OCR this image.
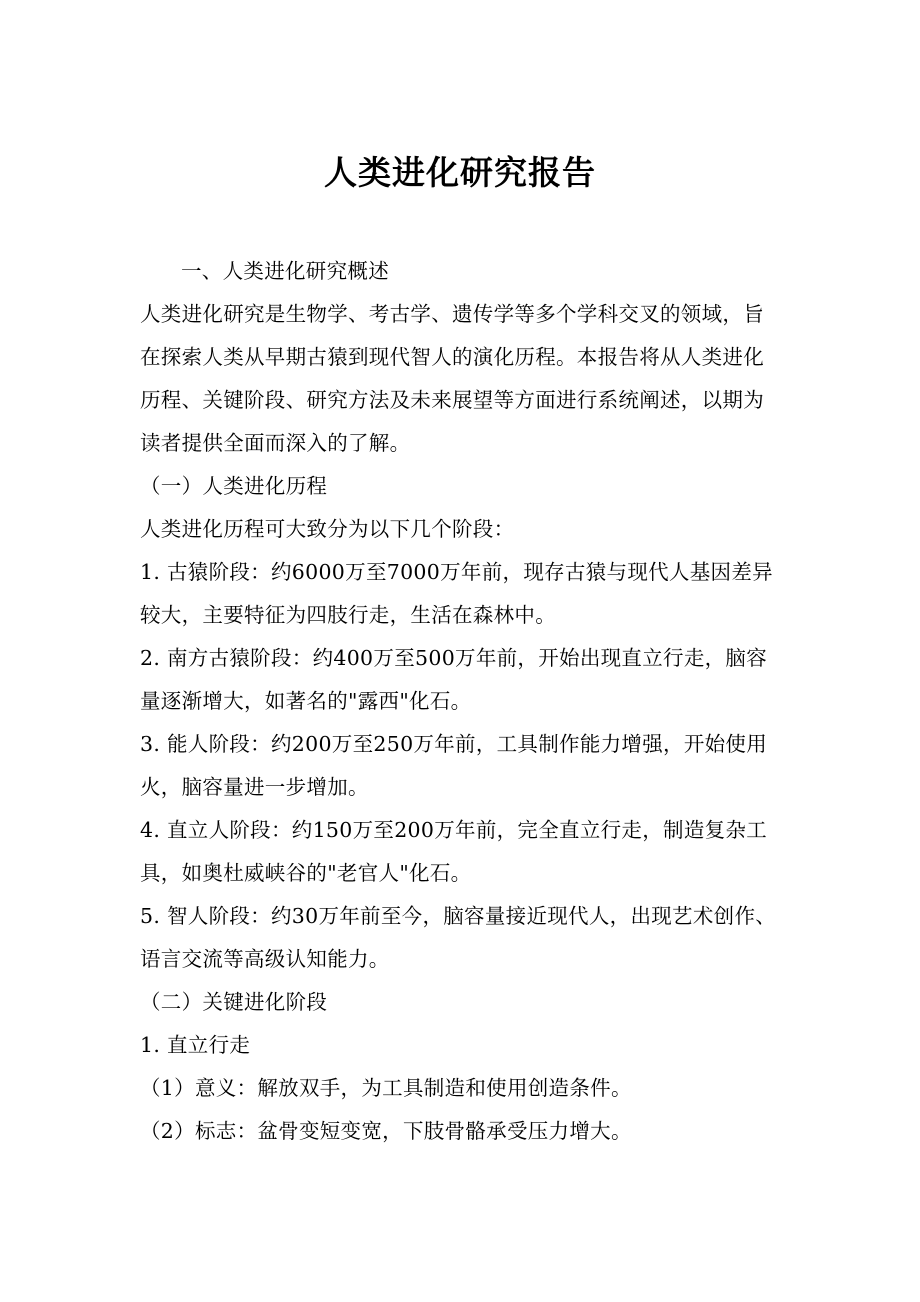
人类进化研究报告

一、人类进化研究概述

人类进化研究是生物学、考古学、遗传学等多个学科交叉的领域，旨在探索人类从早期古猿到现代智人的演化历程。本报告将从人类进化历程、关键阶段、研究方法及未来展望等方面进行系统阐述，以期为读者提供全面而深入的了解。

（一）人类进化历程

人类进化历程可大致分为以下几个阶段：

1. 古猿阶段：约6000万至7000万年前，现存古猿与现代人基因差异较大，主要特征为四肢行走，生活在森林中。

2. 南方古猿阶段：约400万至500万年前，开始出现直立行走，脑容量逐渐增大，如著名的"露西"化石。

3. 能人阶段：约200万至250万年前，工具制作能力增强，开始使用火，脑容量进一步增加。

4. 直立人阶段：约150万至200万年前，完全直立行走，制造复杂工具，如奥杜威峡谷的"老官人"化石。

5. 智人阶段：约30万年前至今，脑容量接近现代人，出现艺术创作、语言交流等高级认知能力。

（二）关键进化阶段

1. 直立行走

（1）意义：解放双手，为工具制造和使用创造条件。

（2）标志：盆骨变短变宽，下肢骨骼承受压力增大。
